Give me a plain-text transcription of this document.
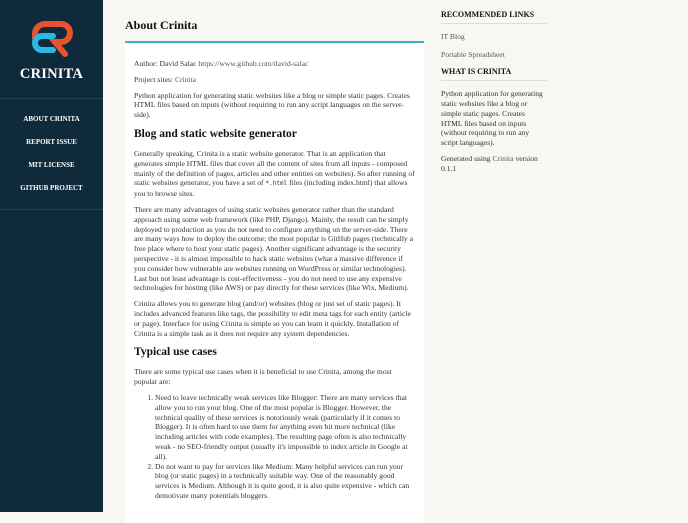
CRINITA
ABOUT CRINITA
REPORT ISSUE
MIT LICENSE
GITHUB PROJECT
About Crinita

Author: David Salac https://www.github.com/david-salac

Project sites: Crinita

Python application for generating static websites like a blog or simple static pages. Creates HTML files based on inputs (without requiring to run any script languages on the server-side).

Blog and static website generator

Generally speaking, Crinita is a static website generator. That is an application that generates simple HTML files that cover all the content of sites from all inputs - composed mainly of the definition of pages, articles and other entities on websites). So after running of static websites generator, you have a set of *.html files (including index.html) that allows you to browse sites.

There are many advantages of using static websites generator rather than the standard approach using some web framework (like PHP, Django). Mainly, the result can be simply deployed to production as you do not need to configure anything on the server-side. There are many ways how to deploy the outcome; the most popular is GitHub pages (technically a free place where to host your static pages). Another significant advantage is the security perspective - it is almost impossible to hack static websites (what a massive difference if you consider how vulnerable are websites running on WordPress or similar technologies). Last but not least advantage is cost-effectiveness - you do not need to use any expensive technologies for hosting (like AWS) or pay directly for these services (like Wix, Medium).

Crinita allows you to generate blog (and/or) websites (blog or just set of static pages). It includes advanced features like tags, the possibility to edit meta tags for each entity (article or page). Interface for using Crinita is simple so you can learn it quickly. Installation of Crinita is a simple task as it does not require any system dependencies.

Typical use cases

There are some typical use cases when it is beneficial to use Crinita, among the most popular are:

1. Need to leave technically weak services like Blogger: There are many services that allow you to run your blog. One of the most popular is Blogger. However, the technical quality of these services is notoriously weak (particularly if it comes to Blogger). It is often hard to use them for anything even bit more technical (like including articles with code examples). The resulting page often is also technically weak - no SEO-friendly output (usually it's impossible to index article in Google at all).
2. Do not want to pay for services like Medium: Many helpful services can run your blog (or static pages) in a technically suitable way. One of the reasonably good services is Medium. Although it is quite good, it is also quite expensive - which can demotivate many potentials bloggers.
RECOMMENDED LINKS
IT Blog
Portable Spreadsheet
WHAT IS CRINITA

Python application for generating static websites like a blog or simple static pages. Creates HTML files based on inputs (without requiring to run any script languages).

Generated using Crinita version 0.1.1
